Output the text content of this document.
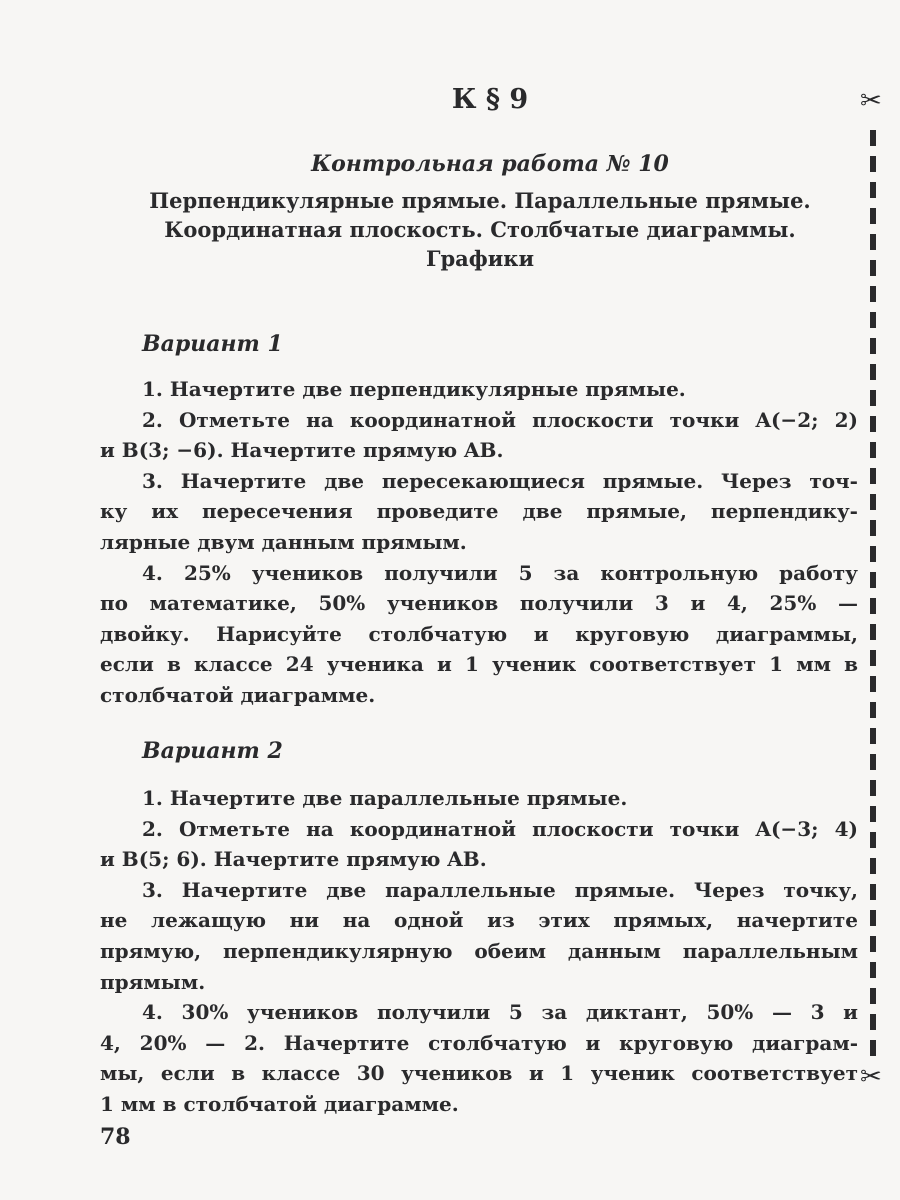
К § 9
Контрольная работа № 10
Перпендикулярные прямые. Параллельные прямые.
Координатная плоскость. Столбчатые диаграммы.
Графики
Вариант 1
1. Начертите две перпендикулярные прямые.
2. Отметьте на координатной плоскости точки A(−2; 2)
и B(3; −6). Начертите прямую AB.
3. Начертите две пересекающиеся прямые. Через точ-
ку их пересечения проведите две прямые, перпендику-
лярные двум данным прямым.
4. 25% учеников получили 5 за контрольную работу
по математике, 50% учеников получили 3 и 4, 25% —
двойку. Нарисуйте столбчатую и круговую диаграммы,
если в классе 24 ученика и 1 ученик соответствует 1 мм в
столбчатой диаграмме.
Вариант 2
1. Начертите две параллельные прямые.
2. Отметьте на координатной плоскости точки A(−3; 4)
и B(5; 6). Начертите прямую AB.
3. Начертите две параллельные прямые. Через точку,
не лежащую ни на одной из этих прямых, начертите
прямую, перпендикулярную обеим данным параллельным
прямым.
4. 30% учеников получили 5 за диктант, 50% — 3 и
4, 20% — 2. Начертите столбчатую и круговую диаграм-
мы, если в классе 30 учеников и 1 ученик соответствует
1 мм в столбчатой диаграмме.
78
✂
✂
